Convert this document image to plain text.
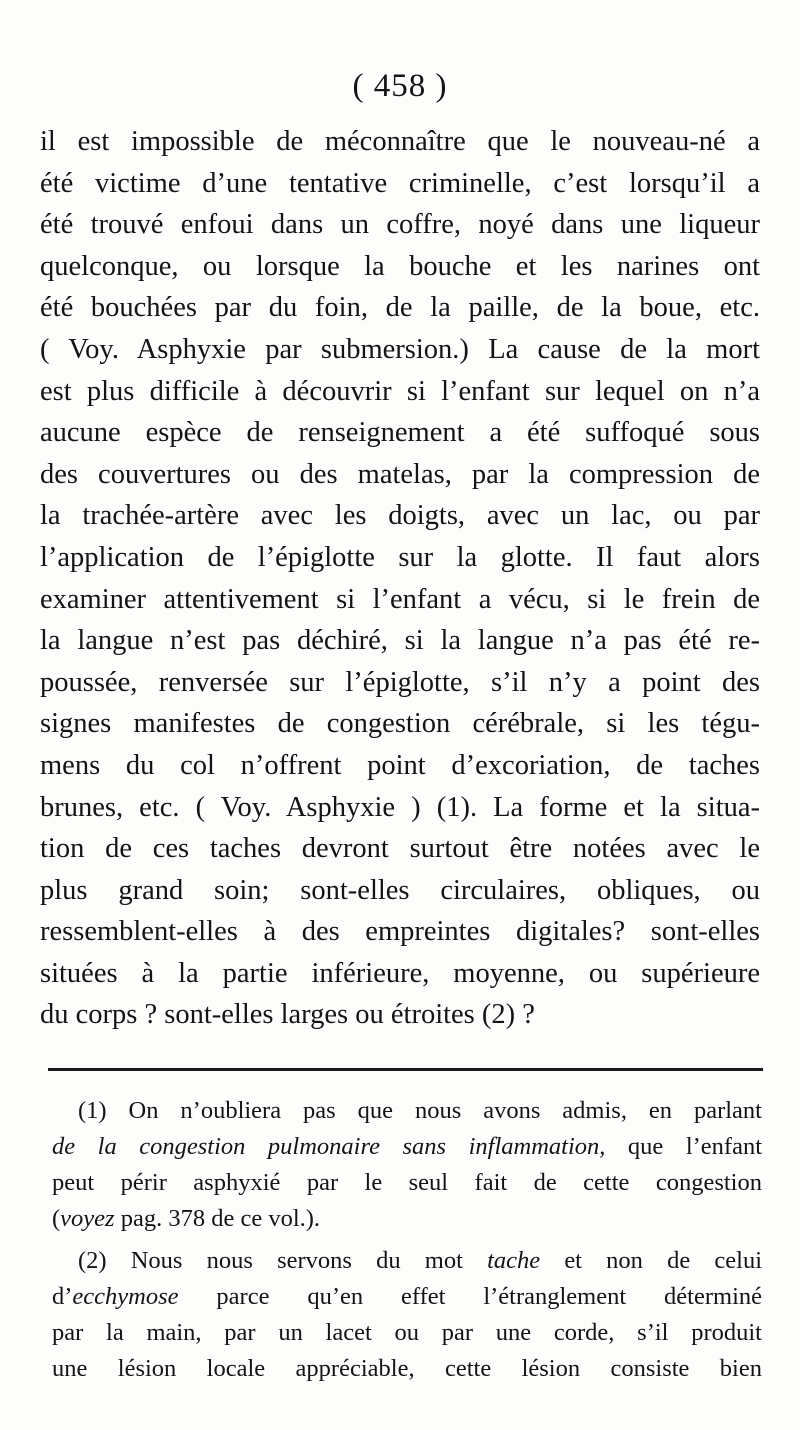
( 458 )
il est impossible de méconnaître que le nouveau-né a
été victime d’une tentative criminelle, c’est lorsqu’il a
été trouvé enfoui dans un coffre, noyé dans une liqueur
quelconque, ou lorsque la bouche et les narines ont
été bouchées par du foin, de la paille, de la boue, etc.
( Voy. Asphyxie par submersion.) La cause de la mort
est plus difficile à découvrir si l’enfant sur lequel on n’a
aucune espèce de renseignement a été suffoqué sous
des couvertures ou des matelas, par la compression de
la trachée-artère avec les doigts, avec un lac, ou par
l’application de l’épiglotte sur la glotte. Il faut alors
examiner attentivement si l’enfant a vécu, si le frein de
la langue n’est pas déchiré, si la langue n’a pas été re-
poussée, renversée sur l’épiglotte, s’il n’y a point des
signes manifestes de congestion cérébrale, si les tégu-
mens du col n’offrent point d’excoriation, de taches
brunes, etc. ( Voy. Asphyxie ) (1). La forme et la situa-
tion de ces taches devront surtout être notées avec le
plus grand soin; sont-elles circulaires, obliques, ou
ressemblent-elles à des empreintes digitales? sont-elles
situées à la partie inférieure, moyenne, ou supérieure
du corps ? sont-elles larges ou étroites (2) ?
(1) On n’oubliera pas que nous avons admis, en parlant
de la congestion pulmonaire sans inflammation, que l’enfant
peut périr asphyxié par le seul fait de cette congestion
(voyez pag. 378 de ce vol.).
(2) Nous nous servons du mot tache et non de celui
d’ecchymose parce qu’en effet l’étranglement déterminé
par la main, par un lacet ou par une corde, s’il produit
une lésion locale appréciable, cette lésion consiste bien
